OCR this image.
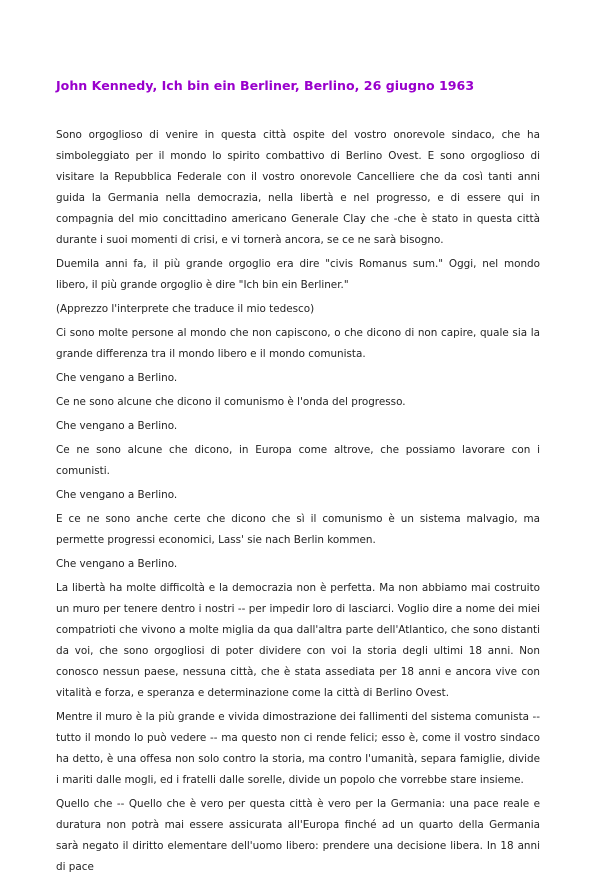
John Kennedy, Ich bin ein Berliner, Berlino, 26 giugno 1963

Sono orgoglioso di venire in questa città ospite del vostro onorevole sindaco, che ha simboleggiato per il mondo lo spirito combattivo di Berlino Ovest. E sono orgoglioso di visitare la Repubblica Federale con il vostro onorevole Cancelliere che da così tanti anni guida la Germania nella democrazia, nella libertà e nel progresso, e di essere qui in compagnia del mio concittadino americano Generale Clay che -che è stato in questa città durante i suoi momenti di crisi, e vi tornerà ancora, se ce ne sarà bisogno.

Duemila anni fa, il più grande orgoglio era dire "civis Romanus sum." Oggi, nel mondo libero, il più grande orgoglio è dire "Ich bin ein Berliner."

(Apprezzo l'interprete che traduce il mio tedesco)

Ci sono molte persone al mondo che non capiscono, o che dicono di non capire, quale sia la grande differenza tra il mondo libero e il mondo comunista.

Che vengano a Berlino.

Ce ne sono alcune che dicono il comunismo è l'onda del progresso.

Che vengano a Berlino.

Ce ne sono alcune che dicono, in Europa come altrove, che possiamo lavorare con i comunisti.

Che vengano a Berlino.

E ce ne sono anche certe che dicono che sì il comunismo è un sistema malvagio, ma permette progressi economici, Lass' sie nach Berlin kommen.

Che vengano a Berlino.

La libertà ha molte difficoltà e la democrazia non è perfetta. Ma non abbiamo mai costruito un muro per tenere dentro i nostri -- per impedir loro di lasciarci. Voglio dire a nome dei miei compatrioti che vivono a molte miglia da qua dall'altra parte dell'Atlantico, che sono distanti da voi, che sono orgogliosi di poter dividere con voi la storia degli ultimi 18 anni. Non conosco nessun paese, nessuna città, che è stata assediata per 18 anni e ancora vive con vitalità e forza, e speranza e determinazione come la città di Berlino Ovest.

Mentre il muro è la più grande e vivida dimostrazione dei fallimenti del sistema comunista -- tutto il mondo lo può vedere -- ma questo non ci rende felici; esso è, come il vostro sindaco ha detto, è una offesa non solo contro la storia, ma contro l'umanità, separa famiglie, divide i mariti dalle mogli, ed i fratelli dalle sorelle, divide un popolo che vorrebbe stare insieme.

Quello che -- Quello che è vero per questa città è vero per la Germania: una pace reale e duratura non potrà mai essere assicurata all'Europa finché ad un quarto della Germania sarà negato il diritto elementare dell'uomo libero: prendere una decisione libera. In 18 anni di pace
